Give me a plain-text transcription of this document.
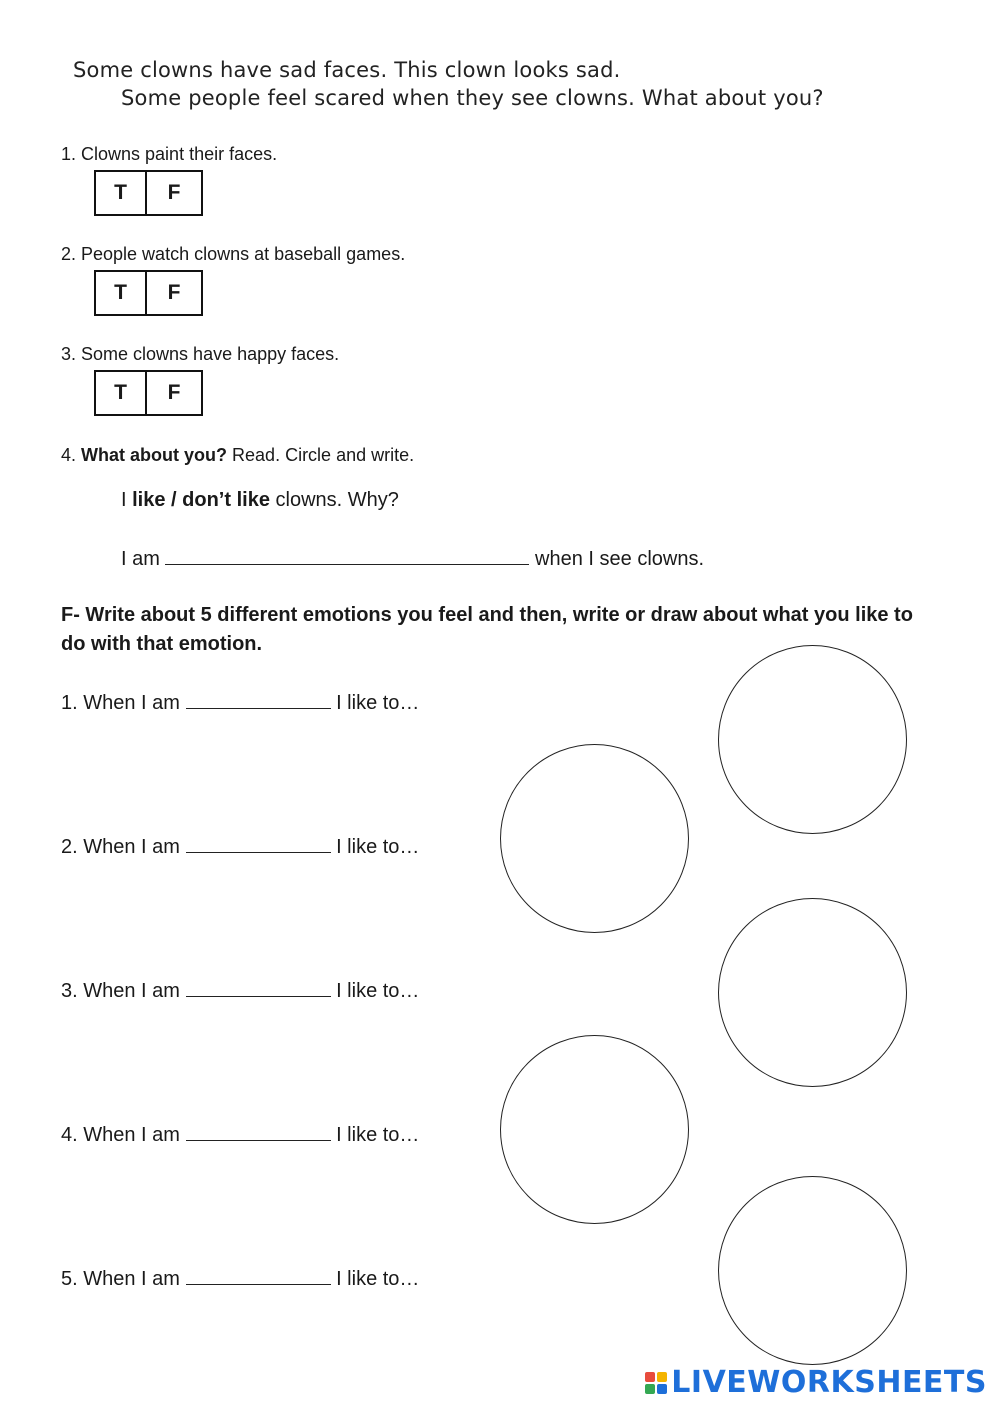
Some clowns have sad faces. This clown looks sad.
Some people feel scared when they see clowns. What about you?
1. Clowns paint their faces.
T	F
2. People watch clowns at baseball games.
T	F
3. Some clowns have happy faces.
T	F
4. What about you? Read. Circle and write.
I like / don’t like clowns. Why?
I am	when I see clowns.
F- Write about 5 different emotions you feel and then, write or draw about what you like to do with that emotion.
1. When I am	I like to…
2. When I am	I like to…
3. When I am	I like to…
4. When I am	I like to…
5. When I am	I like to…
LIVEWORKSHEETS
